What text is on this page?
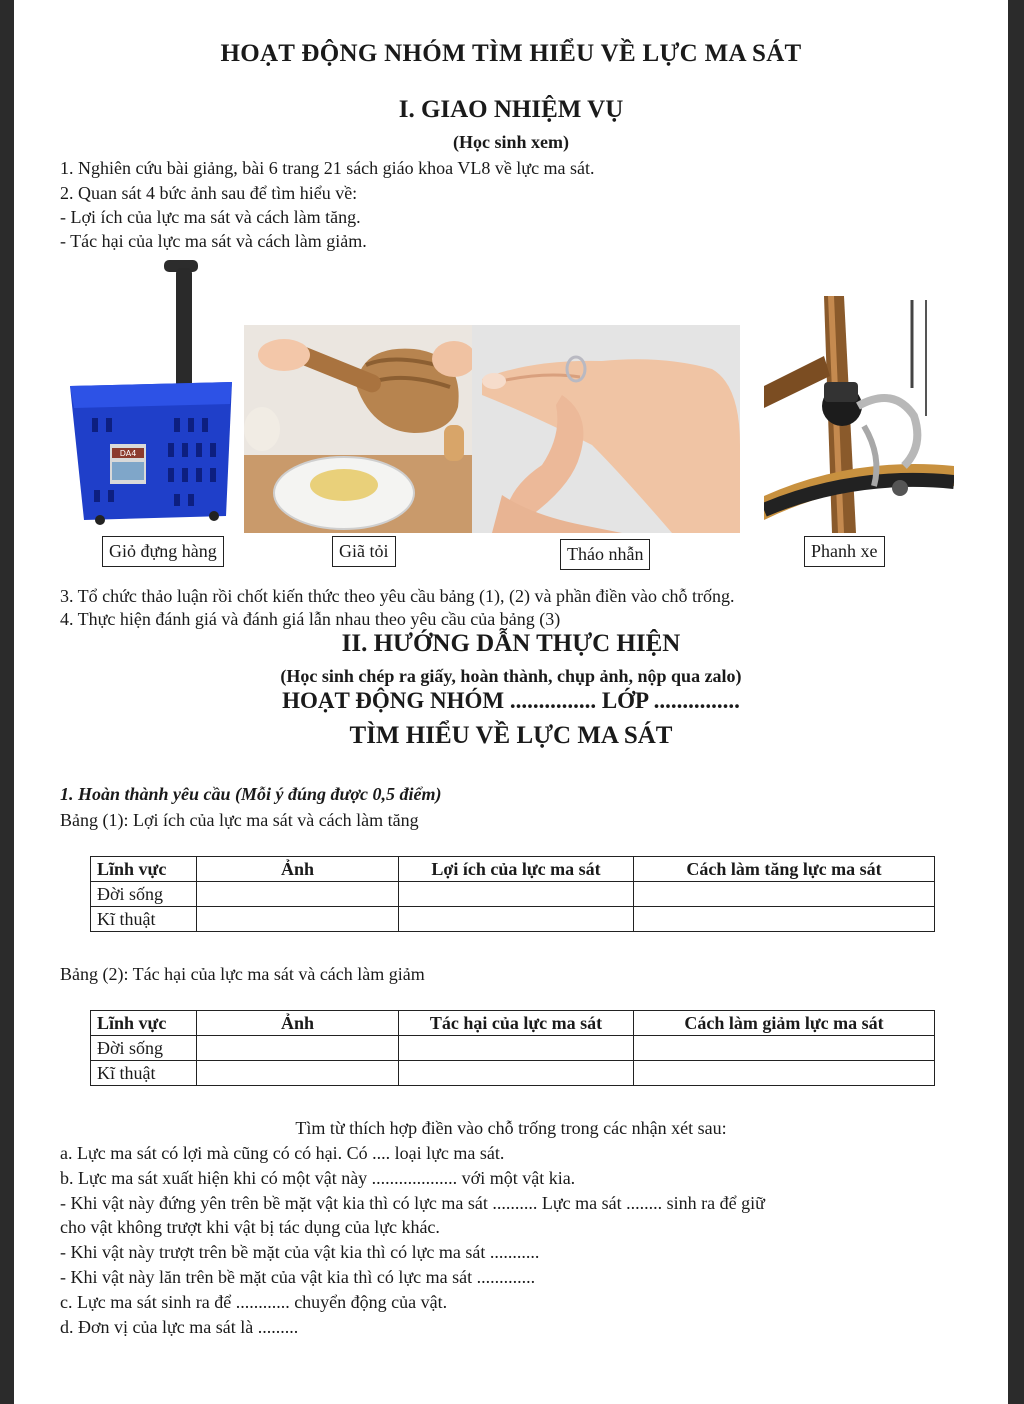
HOẠT ĐỘNG NHÓM TÌM HIỂU VỀ LỰC MA SÁT
I. GIAO NHIỆM VỤ
(Học sinh xem)
1. Nghiên cứu bài giảng, bài 6 trang 21 sách giáo khoa VL8 về lực ma sát.
2. Quan sát 4 bức ảnh sau để tìm hiểu về:
- Lợi ích của lực ma sát và cách làm tăng.
- Tác hại của lực ma sát và cách làm giảm.
DA4
Giỏ đựng hàng	Giã tỏi	Tháo nhẫn	Phanh xe
3. Tổ chức thảo luận rồi chốt kiến thức theo yêu cầu bảng (1), (2) và phần điền vào chỗ trống.
4. Thực hiện đánh giá và đánh giá lẫn nhau theo yêu cầu của bảng (3)
II. HƯỚNG DẪN THỰC HIỆN
(Học sinh chép ra giấy, hoàn thành, chụp ảnh, nộp qua zalo)
HOẠT ĐỘNG NHÓM ............... LỚP ...............
TÌM HIỂU VỀ LỰC MA SÁT
1. Hoàn thành yêu cầu (Mỗi ý đúng được 0,5 điểm)
Bảng (1): Lợi ích của lực ma sát và cách làm tăng
Lĩnh vực	Ảnh	Lợi ích của lực ma sát	Cách làm tăng lực ma sát
Đời sống			
Kĩ thuật			
Bảng (2): Tác hại của lực ma sát và cách làm giảm
Lĩnh vực	Ảnh	Tác hại của lực ma sát	Cách làm giảm lực ma sát
Đời sống			
Kĩ thuật			
Tìm từ thích hợp điền vào chỗ trống trong các nhận xét sau:
a. Lực ma sát có lợi mà cũng có có hại. Có .... loại lực ma sát.
b. Lực ma sát xuất hiện khi có một vật này ................... với một vật kia.
- Khi vật này đứng yên trên bề mặt vật kia thì có lực ma sát .......... Lực ma sát ........ sinh ra để giữ
cho vật không trượt khi vật bị tác dụng của lực khác.
- Khi vật này trượt trên bề mặt của vật kia thì có lực ma sát ...........
- Khi vật này lăn trên bề mặt của vật kia thì có lực ma sát .............
c. Lực ma sát sinh ra để ............ chuyển động của vật.
d. Đơn vị của lực ma sát là .........
